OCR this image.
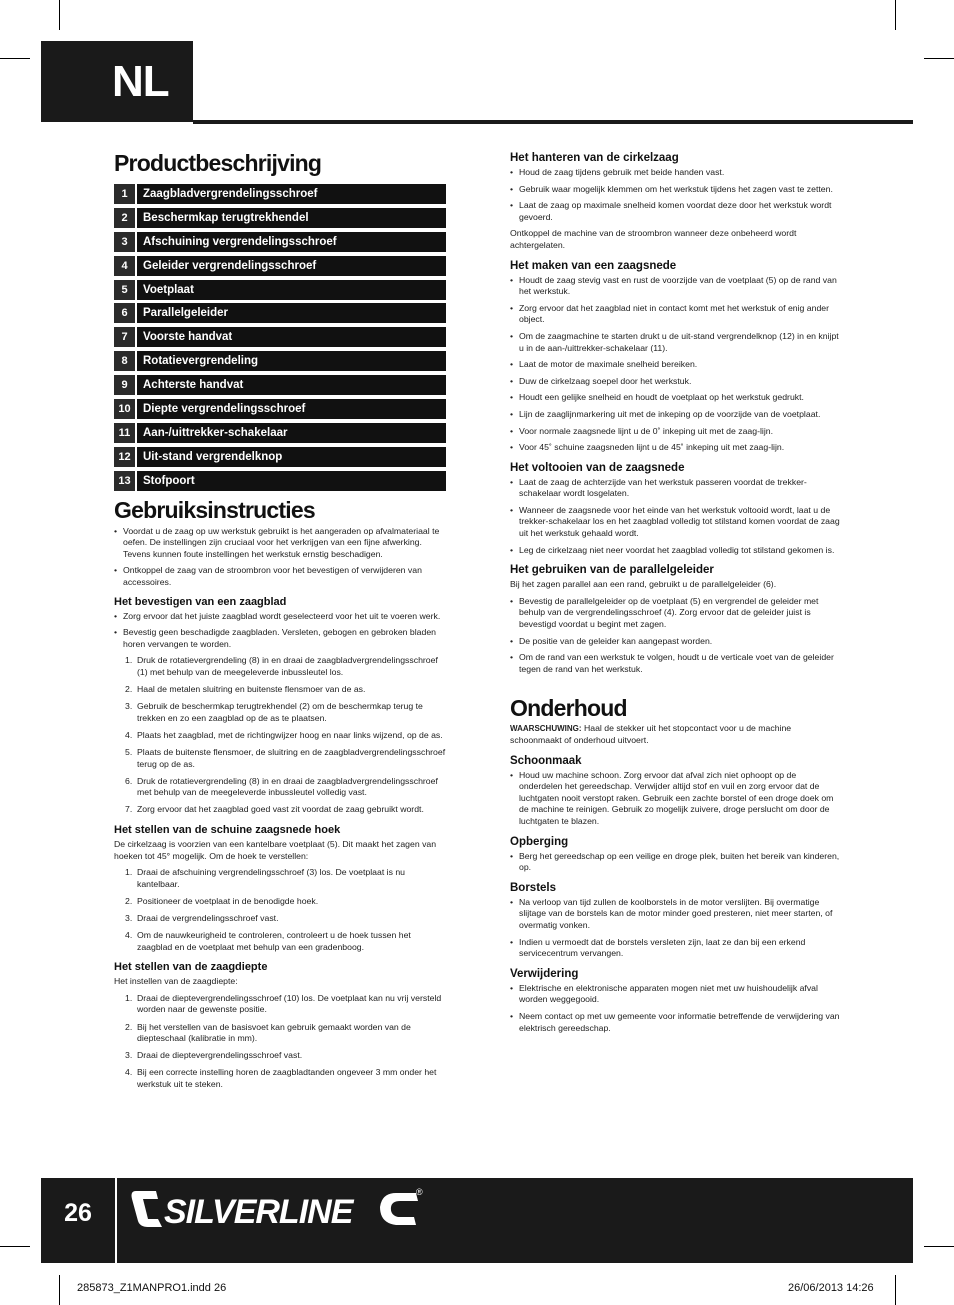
NL
Productbeschrijving
1	Zaagbladvergrendelingsschroef
2	Beschermkap terugtrekhendel
3	Afschuining vergrendelingsschroef
4	Geleider vergrendelingsschroef
5	Voetplaat
6	Parallelgeleider
7	Voorste handvat
8	Rotatievergrendeling
9	Achterste handvat
10	Diepte vergrendelingsschroef
11	Aan-/uittrekker-schakelaar
12	Uit-stand vergrendelknop
13	Stofpoort
Gebruiksinstructies
• Voordat u de zaag op uw werkstuk gebruikt is het aangeraden op afvalmateriaal te oefen. De instellingen zijn cruciaal voor het verkrijgen van een fijne afwerking. Tevens kunnen foute instellingen het werkstuk ernstig beschadigen.
• Ontkoppel de zaag van de stroombron voor het bevestigen of verwijderen van accessoires.
Het bevestigen van een zaagblad
• Zorg ervoor dat het juiste zaagblad wordt geselecteerd voor het uit te voeren werk.
• Bevestig geen beschadigde zaagbladen. Versleten, gebogen en gebroken bladen horen vervangen te worden.
1. Druk de rotatievergrendeling (8) in en draai de zaagbladvergrendelingsschroef (1) met behulp van de meegeleverde inbussleutel los.
2. Haal de metalen sluitring en buitenste flensmoer van de as.
3. Gebruik de beschermkap terugtrekhendel (2) om de beschermkap terug te trekken en zo een zaagblad op de as te plaatsen.
4. Plaats het zaagblad, met de richtingwijzer hoog en naar links wijzend, op de as.
5. Plaats de buitenste flensmoer, de sluitring en de zaagbladvergrendelingsschroef terug op de as.
6. Druk de rotatievergrendeling (8) in en draai de zaagbladvergrendelingsschroef met behulp van de meegeleverde inbussleutel volledig vast.
7. Zorg ervoor dat het zaagblad goed vast zit voordat de zaag gebruikt wordt.
Het stellen van de schuine zaagsnede hoek

De cirkelzaag is voorzien van een kantelbare voetplaat (5). Dit maakt het zagen van hoeken tot 45° mogelijk. Om de hoek te verstellen:

1. Draai de afschuining vergrendelingsschroef (3) los. De voetplaat is nu kantelbaar.
2. Positioneer de voetplaat in de benodigde hoek.
3. Draai de vergrendelingsschroef vast.
4. Om de nauwkeurigheid te controleren, controleert u de hoek tussen het zaagblad en de voetplaat met behulp van een gradenboog.
Het stellen van de zaagdiepte

Het instellen van de zaagdiepte:

1. Draai de dieptevergrendelingsschroef (10) los. De voetplaat kan nu vrij versteld worden naar de gewenste positie.
2. Bij het verstellen van de basisvoet kan gebruik gemaakt worden van de diepteschaal (kalibratie in mm).
3. Draai de dieptevergrendelingsschroef vast.
4. Bij een correcte instelling horen de zaagbladtanden ongeveer 3 mm onder het werkstuk uit te steken.
Het hanteren van de cirkelzaag
• Houd de zaag tijdens gebruik met beide handen vast.
• Gebruik waar mogelijk klemmen om het werkstuk tijdens het zagen vast te zetten.
• Laat de zaag op maximale snelheid komen voordat deze door het werkstuk wordt gevoerd.

Ontkoppel de machine van de stroombron wanneer deze onbeheerd wordt achtergelaten.

Het maken van een zaagsnede
• Houdt de zaag stevig vast en rust de voorzijde van de voetplaat (5) op de rand van het werkstuk.
• Zorg ervoor dat het zaagblad niet in contact komt met het werkstuk of enig ander object.
• Om de zaagmachine te starten drukt u de uit-stand vergrendelknop (12) in en knijpt u in de aan-/uittrekker-schakelaar (11).
• Laat de motor de maximale snelheid bereiken.
• Duw de cirkelzaag soepel door het werkstuk.
• Houdt een gelijke snelheid en houdt de voetplaat op het werkstuk gedrukt.
• Lijn de zaaglijnmarkering uit met de inkeping op de voorzijde van de voetplaat.
• Voor normale zaagsnede lijnt u de 0˚ inkeping uit met de zaag-lijn.
• Voor 45˚ schuine zaagsneden lijnt u de 45˚ inkeping uit met zaag-lijn.
Het voltooien van de zaagsnede
• Laat de zaag de achterzijde van het werkstuk passeren voordat de trekker-schakelaar wordt losgelaten.
• Wanneer de zaagsnede voor het einde van het werkstuk voltooid wordt, laat u de trekker-schakelaar los en het zaagblad volledig tot stilstand komen voordat de zaag uit het werkstuk gehaald wordt.
• Leg de cirkelzaag niet neer voordat het zaagblad volledig tot stilstand gekomen is.
Het gebruiken van de parallelgeleider

Bij het zagen parallel aan een rand, gebruikt u de parallelgeleider (6).

• Bevestig de parallelgeleider op de voetplaat (5) en vergrendel de geleider met behulp van de vergrendelingsschroef (4). Zorg ervoor dat de geleider juist is bevestigd voordat u begint met zagen.
• De positie van de geleider kan aangepast worden.
• Om de rand van een werkstuk te volgen, houdt u de verticale voet van de geleider tegen de rand van het werkstuk.
Onderhoud

WAARSCHUWING: Haal de stekker uit het stopcontact voor u de machine schoonmaakt of onderhoud uitvoert.

Schoonmaak
• Houd uw machine schoon. Zorg ervoor dat afval zich niet ophoopt op de onderdelen het gereedschap. Verwijder altijd stof en vuil en zorg ervoor dat de luchtgaten nooit verstopt raken. Gebruik een zachte borstel of een droge doek om de machine te reinigen. Gebruik zo mogelijk zuivere, droge perslucht om door de luchtgaten te blazen.
Opberging
• Berg het gereedschap op een veilige en droge plek, buiten het bereik van kinderen, op.
Borstels
• Na verloop van tijd zullen de koolborstels in de motor verslijten. Bij overmatige slijtage van de borstels kan de motor minder goed presteren, niet meer starten, of overmatig vonken.
• Indien u vermoedt dat de borstels versleten zijn, laat ze dan bij een erkend servicecentrum vervangen.
Verwijdering
• Elektrische en elektronische apparaten mogen niet met uw huishoudelijk afval worden weggegooid.
• Neem contact op met uw gemeente voor informatie betreffende de verwijdering van elektrisch gereedschap.
26	SILVERLINE
®
285873_Z1MANPRO1.indd 26	26/06/2013 14:26
